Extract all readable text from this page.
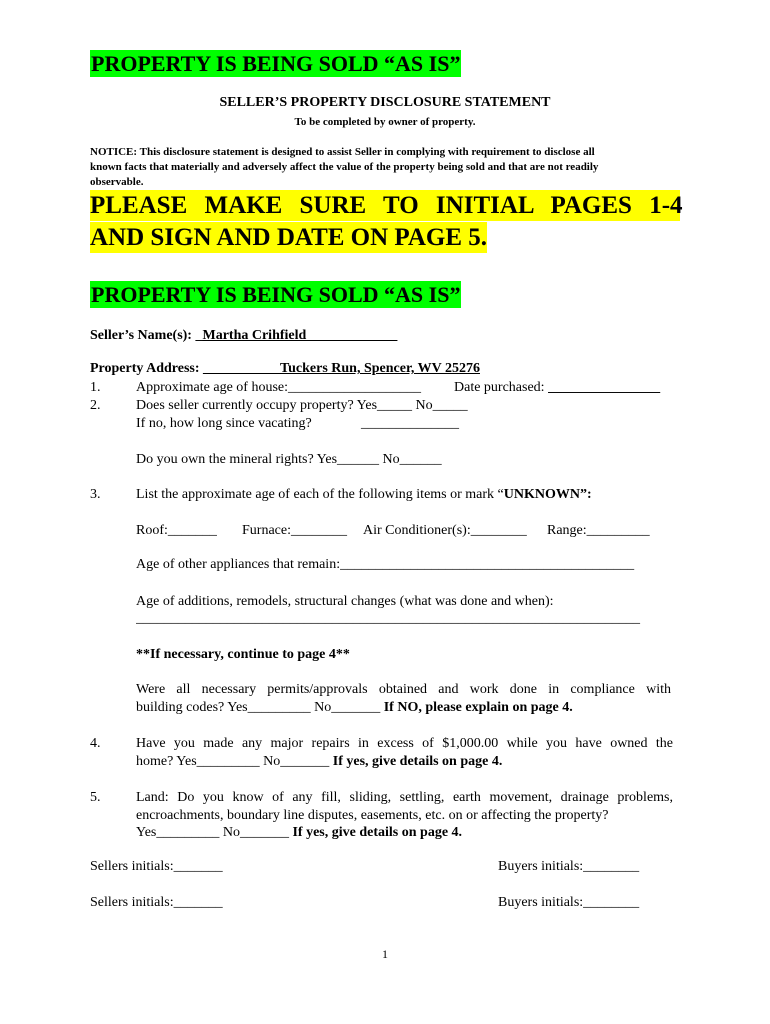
PROPERTY IS BEING SOLD “AS IS”
SELLER’S PROPERTY DISCLOSURE STATEMENT
To be completed by owner of property.
NOTICE: This disclosure statement is designed to assist Seller in complying with requirement to disclose all
known facts that materially and adversely affect the value of the property being sold and that are not readily
observable.
PLEASE MAKE SURE TO INITIAL PAGES 1-4
AND SIGN AND DATE ON PAGE 5.
PROPERTY IS BEING SOLD “AS IS”
Seller’s Name(s): _Martha Crihfield_____________
Property Address: ___________Tuckers Run, Spencer, WV 25276
1.	Approximate age of house:___________________ Date purchased: ________________
2.	Does seller currently occupy property? Yes_____ No_____
If no, how long since vacating?	______________
Do you own the mineral rights? Yes______ No______
3.	List the approximate age of each of the following items or mark “UNKNOWN”:
Roof:_______ Furnace:________ Air Conditioner(s):________ Range:_________
Age of other appliances that remain:__________________________________________
Age of additions, remodels, structural changes (what was done and when):
________________________________________________________________________
**If necessary, continue to page 4**
Were all necessary permits/approvals obtained and work done in compliance with
building codes? Yes_________ No_______ If NO, please explain on page 4.
4.	Have you made any major repairs in excess of $1,000.00 while you have owned the
home? Yes_________ No_______ If yes, give details on page 4.
5.	Land: Do you know of any fill, sliding, settling, earth movement, drainage problems,
encroachments, boundary line disputes, easements, etc. on or affecting the property?
Yes_________ No_______ If yes, give details on page 4.
Sellers initials:_______	Buyers initials:________
Sellers initials:_______	Buyers initials:________
1
